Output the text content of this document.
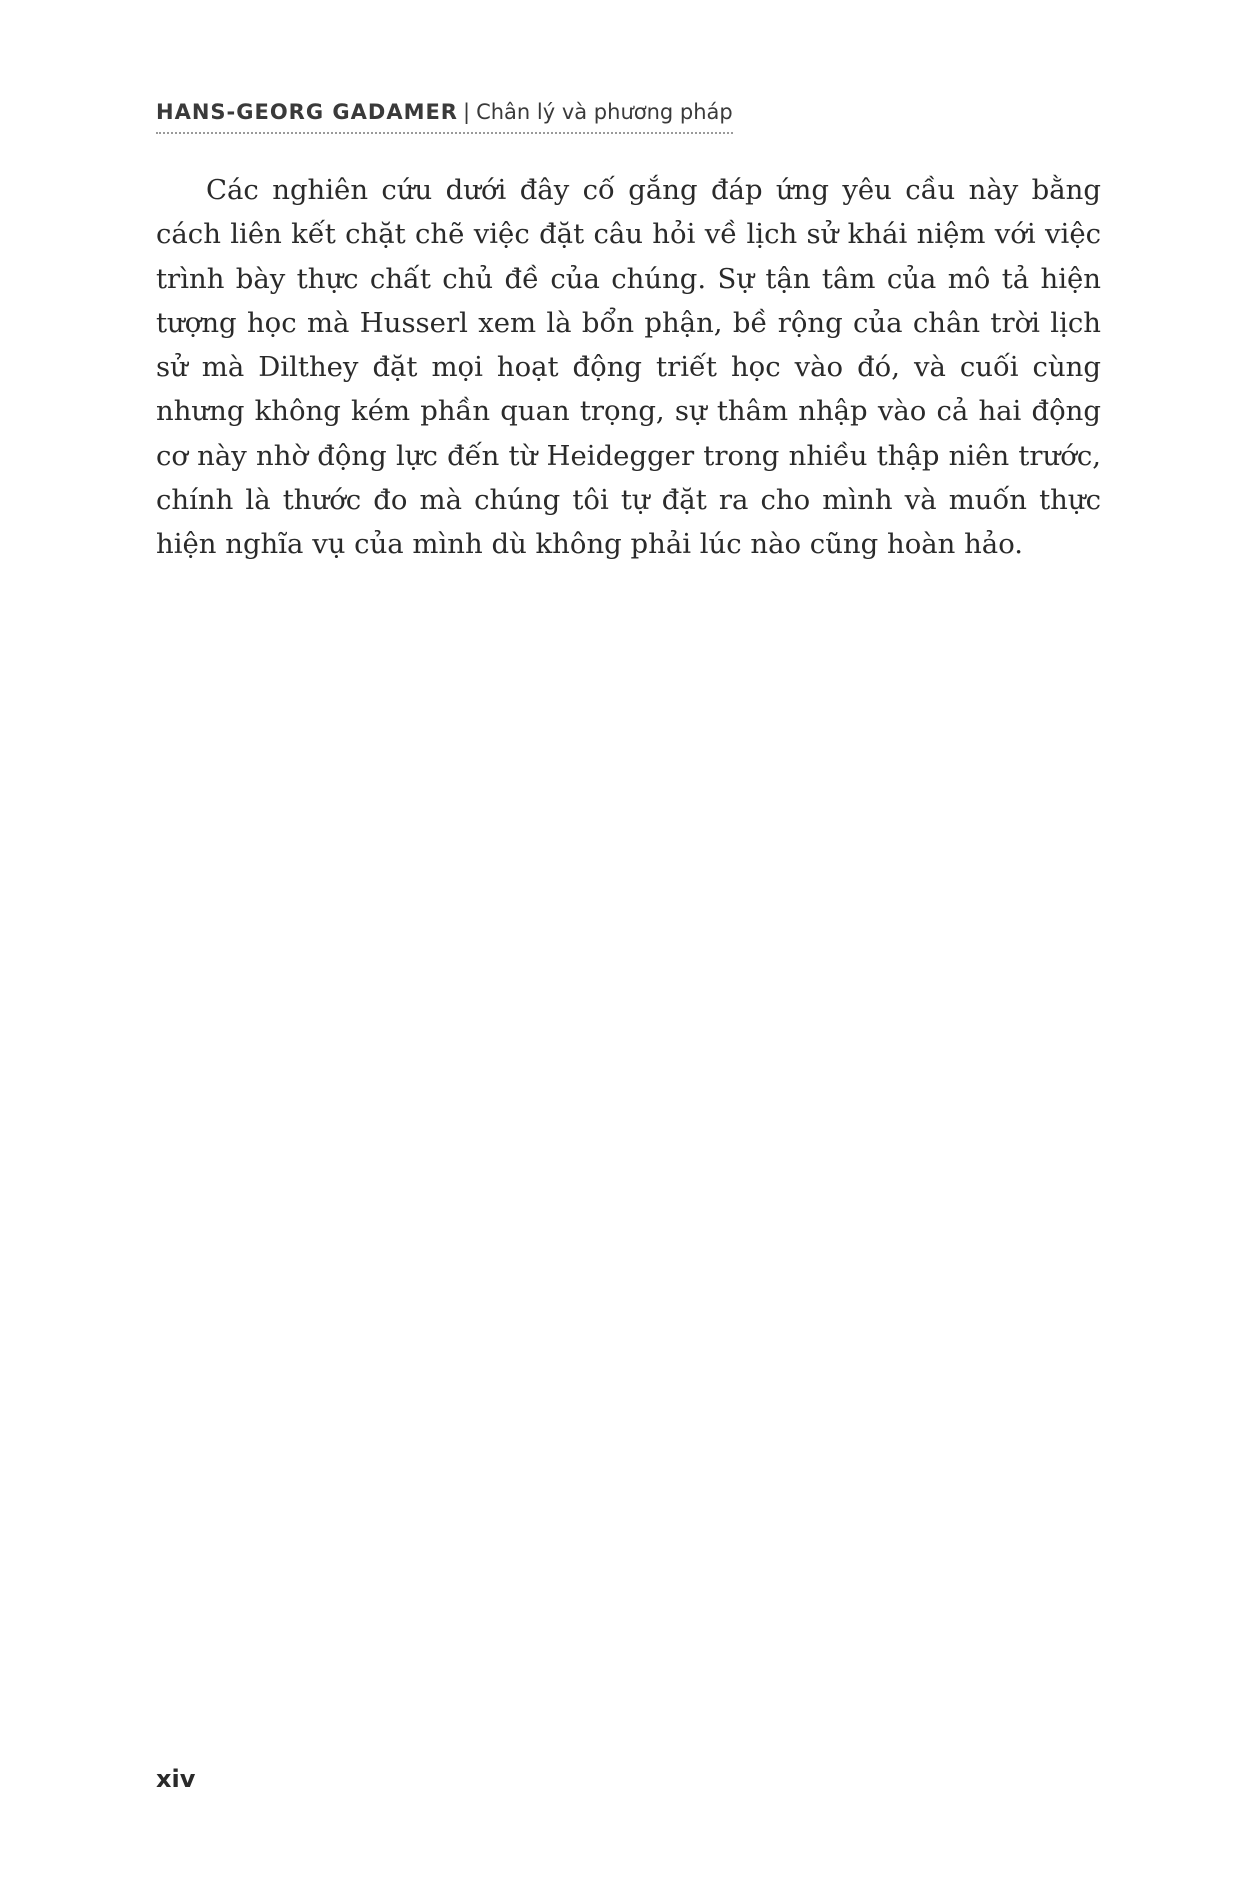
HANS-GEORG GADAMER | Chân lý và phương pháp

Các nghiên cứu dưới đây cố gắng đáp ứng yêu cầu này bằng cách liên kết chặt chẽ việc đặt câu hỏi về lịch sử khái niệm với việc trình bày thực chất chủ đề của chúng. Sự tận tâm của mô tả hiện tượng học mà Husserl xem là bổn phận, bề rộng của chân trời lịch sử mà Dilthey đặt mọi hoạt động triết học vào đó, và cuối cùng nhưng không kém phần quan trọng, sự thâm nhập vào cả hai động cơ này nhờ động lực đến từ Heidegger trong nhiều thập niên trước, chính là thước đo mà chúng tôi tự đặt ra cho mình và muốn thực hiện nghĩa vụ của mình dù không phải lúc nào cũng hoàn hảo.

xiv
